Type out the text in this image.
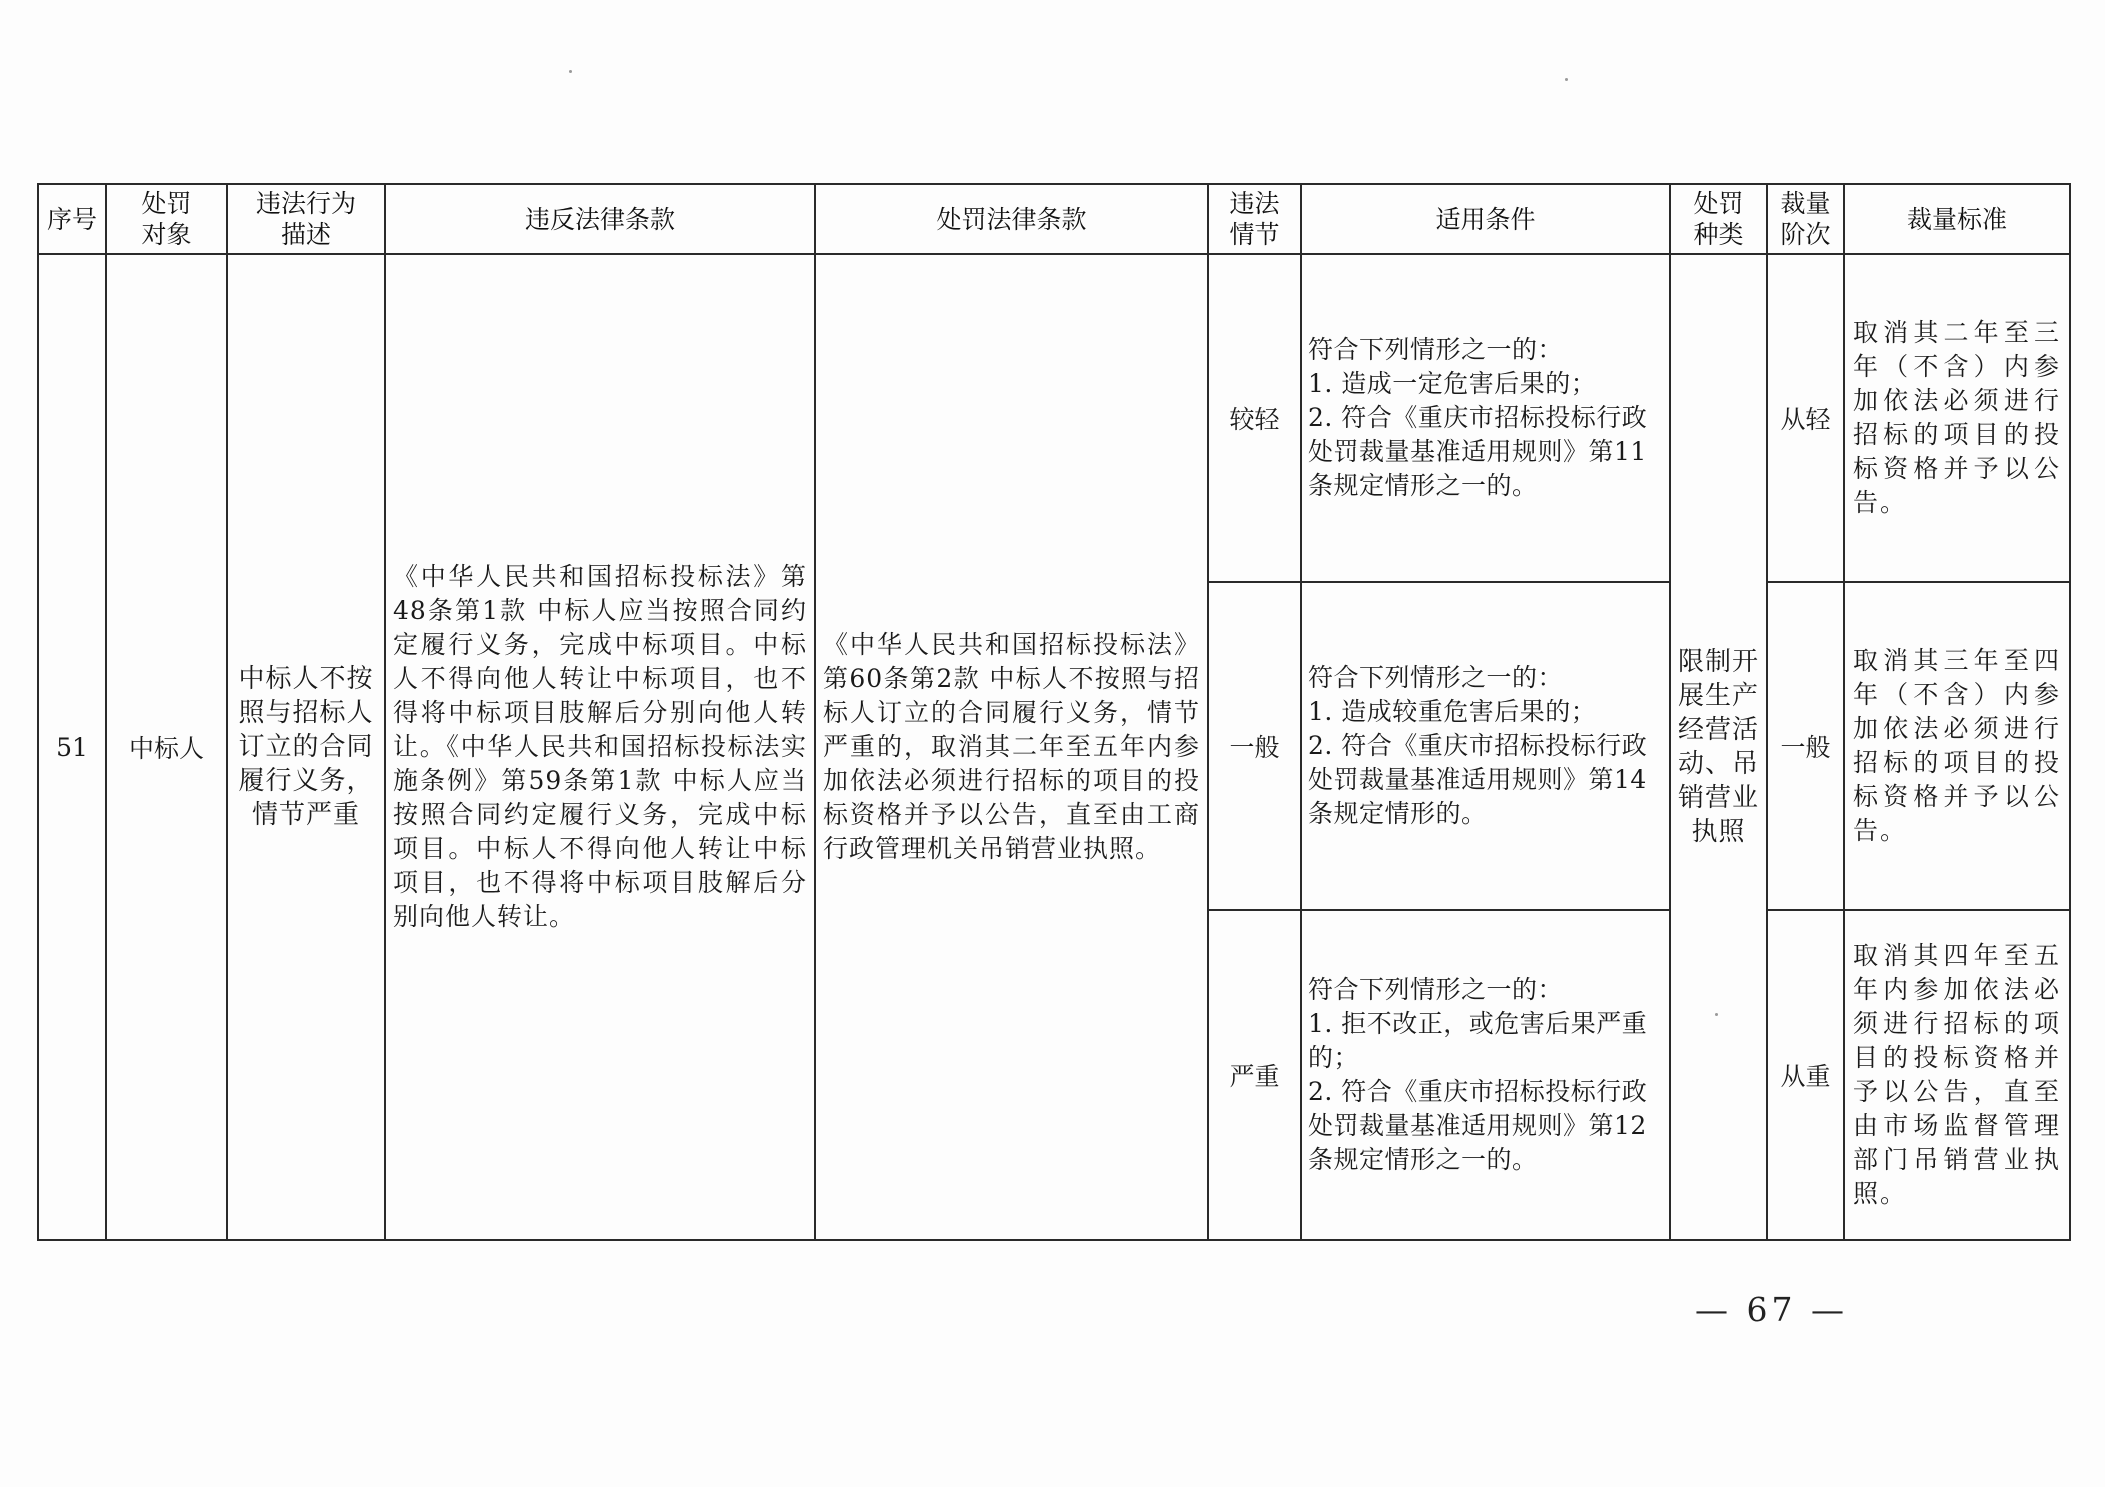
序号	处罚对象	违法行为描述	违反法律条款	处罚法律条款	违法情节	适用条件	处罚种类	裁量阶次	裁量标准
51	中标人	中标人不按照与招标人订立的合同履行义务，情节严重	《中华人民共和国招标投标法》第48条第1款 中标人应当按照合同约定履行义务，完成中标项目。中标人不得向他人转让中标项目，也不得将中标项目肢解后分别向他人转让。《中华人民共和国招标投标法实施条例》第59条第1款 中标人应当按照合同约定履行义务，完成中标项目。中标人不得向他人转让中标项目，也不得将中标项目肢解后分别向他人转让。	《中华人民共和国招标投标法》第60条第2款 中标人不按照与招标人订立的合同履行义务，情节严重的，取消其二年至五年内参加依法必须进行招标的项目的投标资格并予以公告，直至由工商行政管理机关吊销营业执照。	较轻	符合下列情形之一的：
1. 造成一定危害后果的；
2. 符合《重庆市招标投标行政处罚裁量基准适用规则》第11条规定情形之一的。	限制开展生产经营活动、吊销营业执照	从轻	取消其二年至三年（不含）内参加依法必须进行招标的项目的投标资格并予以公告。

					一般	符合下列情形之一的：
1. 造成较重危害后果的；
2. 符合《重庆市招标投标行政处罚裁量基准适用规则》第14条规定情形的。		一般	取消其三年至四年（不含）内参加依法必须进行招标的项目的投标资格并予以公告。

					严重	符合下列情形之一的：
1. 拒不改正，或危害后果严重的；
2. 符合《重庆市招标投标行政处罚裁量基准适用规则》第12条规定情形之一的。		从重	取消其四年至五年内参加依法必须进行招标的项目的投标资格并予以公告，直至由市场监督管理部门吊销营业执照。
— 67 —
